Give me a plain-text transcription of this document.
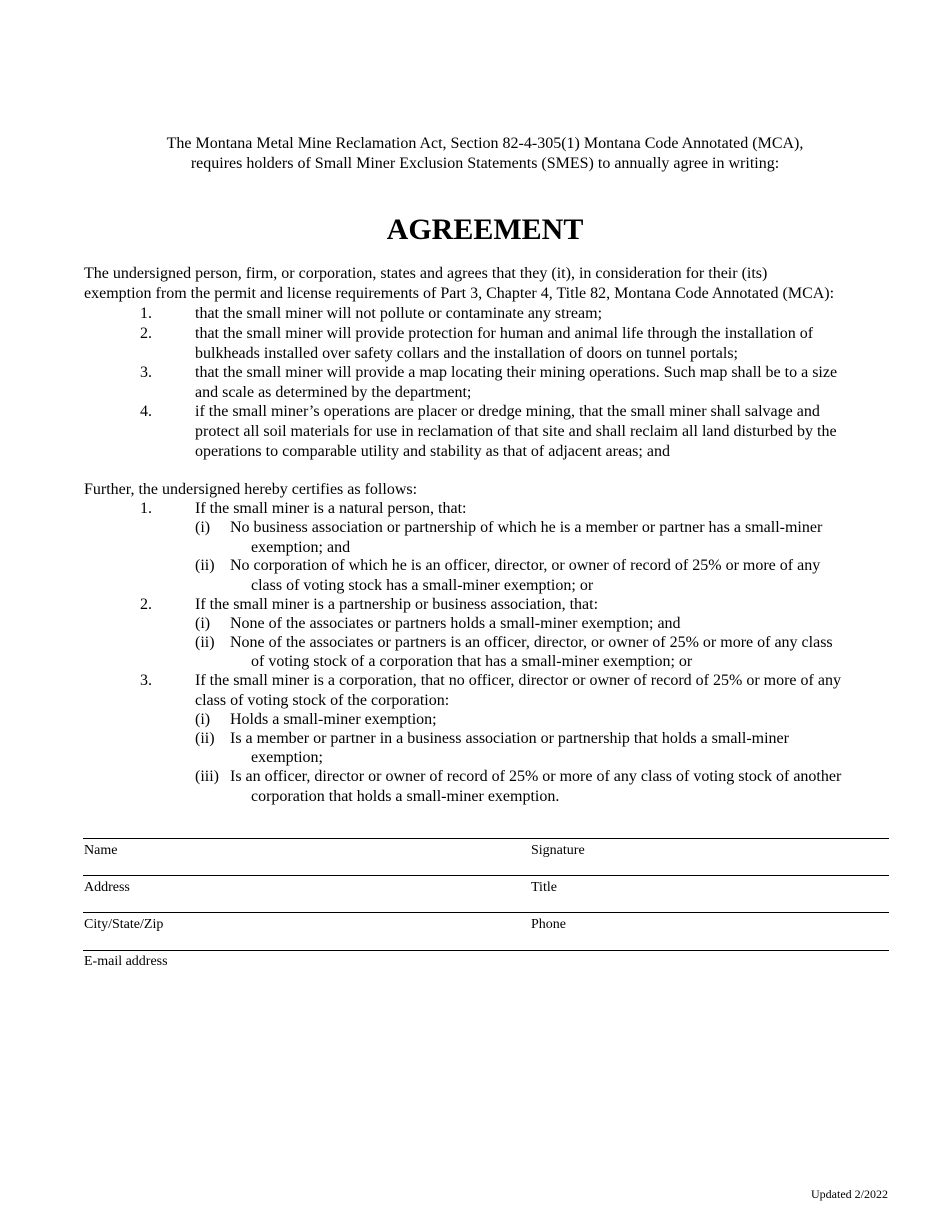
The Montana Metal Mine Reclamation Act, Section 82-4-305(1) Montana Code Annotated (MCA),
requires holders of Small Miner Exclusion Statements (SMES) to annually agree in writing:
AGREEMENT
The undersigned person, firm, or corporation, states and agrees that they (it), in consideration for their (its)
exemption from the permit and license requirements of Part 3, Chapter 4, Title 82, Montana Code Annotated (MCA):
1.	that the small miner will not pollute or contaminate any stream;
2.	that the small miner will provide protection for human and animal life through the installation of
bulkheads installed over safety collars and the installation of doors on tunnel portals;
3.	that the small miner will provide a map locating their mining operations. Such map shall be to a size
and scale as determined by the department;
4.	if the small miner’s operations are placer or dredge mining, that the small miner shall salvage and
protect all soil materials for use in reclamation of that site and shall reclaim all land disturbed by the
operations to comparable utility and stability as that of adjacent areas; and
Further, the undersigned hereby certifies as follows:
1.	If the small miner is a natural person, that:
(i)	No business association or partnership of which he is a member or partner has a small-miner
exemption; and
(ii) No corporation of which he is an officer, director, or owner of record of 25% or more of any
class of voting stock has a small-miner exemption; or
2.	If the small miner is a partnership or business association, that:
(i)	None of the associates or partners holds a small-miner exemption; and
(ii) None of the associates or partners is an officer, director, or owner of 25% or more of any class
of voting stock of a corporation that has a small-miner exemption; or
3.	If the small miner is a corporation, that no officer, director or owner of record of 25% or more of any
class of voting stock of the corporation:
(i)	Holds a small-miner exemption;
(ii) Is a member or partner in a business association or partnership that holds a small-miner
exemption;
(iii) Is an officer, director or owner of record of 25% or more of any class of voting stock of another
corporation that holds a small-miner exemption.
Name	Signature
Address	Title
City/State/Zip	Phone
E-mail address
Updated 2/2022
